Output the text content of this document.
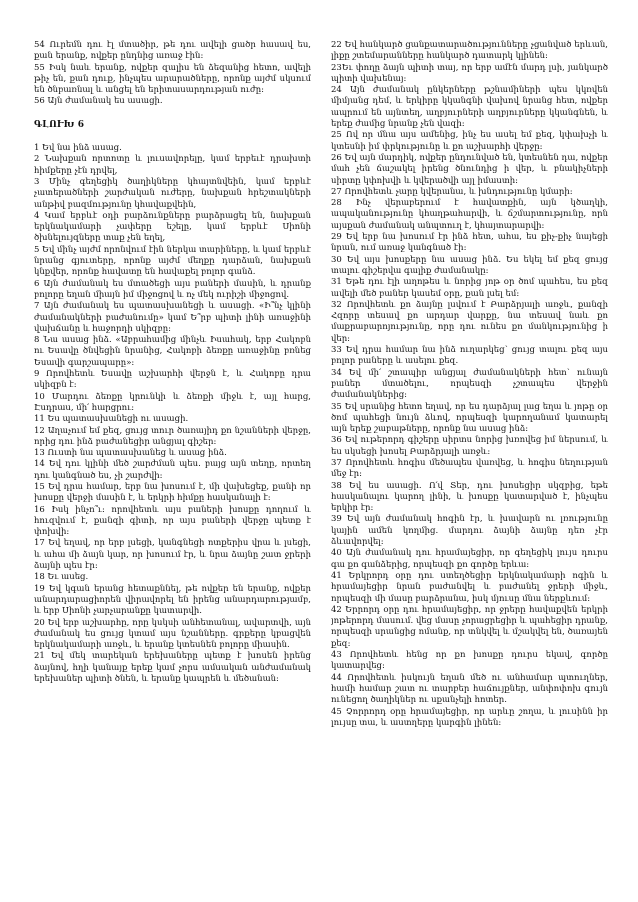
54 Ուրեմն դու էլ մտածիր, թե դու ավելի ցածր հասավ ես, քան երանք, ովքեր ընդնից առաջ էին:

55 Իսկ նաև երանք, ովքեր զալիս են ձեզանից հետո, ավելի թիչ են, քան դուք, ինչպես արարածները, որոնք այժմ սկսում են ծնբառնալ և անցել են երիտասարդության ուժը:

56 Այն ժամանակ ես ասացի.

ԳԼՈՒԽ 6

1 Եվ նա ինձ ասաց.

2 Նախքան որտոտը և լուսավորելը, կամ երբեւէ դրախտի հիմքերը չէն դրվել,

3 Մինչ գեղեցիկ ծաղիկները կհայտնվեին, կամ երբևէ չատերածների շարժական ուժերը, նախքան հրեշտակների անթիվ բազմությունը կհավաքվեին,

4 Կամ երբևէ օդի բարձունքները բարձրացել են, նախքան երկնակամարի չափերը եշելը, կամ երբևէ Սիոնի ծխնելույզները տաք չեն եղել,

5 Եվ մինչ այժմ որոնվում էին ներկա տարիները, և կամ երբևէ նրանց գյուտերը, որոնք այժմ մեղքը դարձան, նախքան կնքվեր, որոնք հավատը են հավաքել բոլոր գանձ.

6 Այն ժամանակ ես մտածեցի այս բաների մասին, և դրանք բոլորը եղան միայն իմ միջոցով և ոչ մեկ ուրիշի միջոցով.

7 Այն ժամանակ ես պատասխանեցի և ասացի. «Ի՞նչ կլինի ժամանակների բաժանումը» կամ Ե՞րբ պիտի լինի առաջինի վախճանը և հաջորդի սկիզբը:

8 Նա ասաց ինձ. «Աբրահամից մինչև Իսահակ, երբ Հակոբն ու Եսավը ծնվեցին նրանից, Հակոբի ձեռքը առաջինը բռնեց Եսավի գարշապարը»:

9 Որովհետև Եսավը աշխարհի վերջն է, և Հակոբը դրա սկիզբն է:

10 Մարդու ձեռքը կրունկի և ձեռքի միջև է, այլ հարց, Էսդրաս, մի՛ հարցրու:

11 Ես պատասխանեցի ու ասացի.

12 Աղաչում եմ քեզ, ցույց տուր ծառայիդ քո նշանների վերջը, որից դու ինձ բաժանեցիր անցյալ գիշեր:

13 Ուստի նա պատասխանեց և ասաց ինձ.

14 Եվ դու կլինի մեծ շարժման պես. բայց այն տեղը, որտեղ դու կանգնած ես, չի շարժվի:

15 Եվ դրա համար, երբ նա խոսում է, մի վախեցեք, քանի որ խոսքը վերջի մասին է, և երկրի հիմքը հասկանալի է:

16 Իսկ ինչո՞ւ: որովհետև այս բաների խոսքը դողում և հուզվում է, քանզի գիտի, որ այս բաների վերջը պետք է փոխվի:

17 Եվ եղավ, որ երբ լսեցի, կանգնեցի ոտքերիս վրա և լսեցի, և ահա մի ձայն կար, որ խոսում էր, և նրա ձայնը շատ ջրերի ձայնի պես էր:

18 Եւ ասեց.

19 Եվ կգան երանց հետաքննել, թե ովքեր են երանք, ովքեր անարդարացիորեն վիրավորել են իրենց անարդարությամբ, և երբ Սիոնի չարչարանքը կատարվի.

20 Եվ երբ աշխարհը, որը կսկսի անհետանալ, ավարտվի, այն ժամանակ ես ցույց կտամ այս նշանները. գրքերը կբացվեն երկնակամարի առջև, և երանք կտեսնեն բոլորը միասին.

21 Եվ մեկ տարեկան երեխաները պետք է խոսեն իրենց ձայնով, հղի կանայք երեք կամ չորս ամսական անժամանակ երեխաներ պիտի ծնեն, և երանք կապրեն և մեծանան:

22 Եվ հանկարծ ցանքատարածությունները չցանված երևան, լիքը շտեմարանները հանկարծ դատարկ կլինեն։

23Եւ փողը ձայն պիտի տայ, որ երբ ամէն մարդ լսի, յանկարծ պիտի վախենայ:

24 Այն ժամանակ ընկերները թշնամիների պես կկռվեն միմյանց դեմ, և երկիրը կկանգնի վախով նրանց հետ, ովքեր ապրում են այնտեղ, աղբյուրների աղբյուրները կկանգնեն, և երեք ժամից նրանք չեն վազի:

25 Ով որ մնա այս ամենից, ինչ ես ասել եմ քեզ, կփախչի և կտեսնի իմ փրկությունը և քո աշխարհի վերջը:

26 Եվ այն մարդիկ, ովքեր ընդունված են, կտեսնեն դա, ովքեր մահ չեն ճաշակել իրենց ծնունդից ի վեր, և բնակիչների սիրտը կփոխվի և կվերածվի այլ իմաստի:

27 Որովհետև չարը կվերանա, և խնդությունը կմարի:

28 Ինչ վերաբերում է հավատքին, այն կծաղկի, ապականությունը կհաղթահարվի, և ճշմարտությունը, որն այսքան ժամանակ անպտուղ է, կհայտարարվի:

29 Եվ երբ նա խոսում էր ինձ հետ, ահա, ես քիչ-քիչ նայեցի նրան, ում առաջ կանգնած էի:

30 Եվ այս խոսքերը նա ասաց ինձ. Ես եկել եմ քեզ ցույց տալու գիշերվա գալիք ժամանակը:

31 Եթե դու էլի աղոթես և նորից յոթ օր ծոմ պահես, ես քեզ ավելի մեծ բաներ կասեմ օրը, քան լսել եմ:

32 Որովհետև քո ձայնը լսվում է Բարձրյալի առջև, քանզի Հզորը տեսավ քո արդար վարքը, նա տեսավ նաև քո մաքրաբարոյությունը, որը դու ունես քո մանկությունից ի վեր:

33 Եվ դրա համար նա ինձ ուղարկեց՝ ցույց տալու քեզ այս բոլոր բաները և ասելու քեզ.

34 Եվ մի՛ շտապիր անցյալ ժամանակների հետ՝ ունայն բաներ մտածելու, որպեսզի չշտապես վերջին ժամանակներից:

35 Եվ սրանից հետո եղավ, որ ես դարձյալ լաց եղա և յոթը օր ծոմ պահեցի նույն ձևով, որպեսզի կարողանամ կատարել այն երեք շաբաթները, որոնք նա ասաց ինձ:

36 Եվ ութերորդ գիշերը սիրտս նորից խռովեց իմ ներսում, և ես սկսեցի խոսել Բարձրյալի առջև:

37 Որովհետև հոգիս մեծապես վառվեց, և հոգիս նեղության մեջ էր:

38 Եվ ես ասացի. Ո՛վ Տեր, դու խոսեցիր սկզբից, եթե հասկանալու կարող լինի, և խոսքը կատարված է, ինչպես երկիր էր:

39 Եվ այն ժամանակ հոգին էր, և խավարն ու լռությունը կային ամեն կողմից. մարդու ձայնի ձայնը դեռ չէր ձևավորվել:

40 Այն ժամանակ դու հրամայեցիր, որ գեղեցիկ լույս դուրս գա քո գանձերից, որպեսզի քո գործը երևա։

41 Երկրորդ օրը դու ստեղծեցիր երկնակամարի ոգին և հրամայեցիր նրան բաժանվել և բաժանել ջրերի միջև, որպեսզի մի մասը բարձրանա, իսկ մյուսը մնա ներքևում:

42 Երրորդ օրը դու հրամայեցիր, որ ջրերը հավաքվեն երկրի յոթերորդ մասում. վեց մասը չորացրեցիր և պահեցիր դրանք, որպեսզի սրանցից ոմանք, որ տնկվել և մշակվել են, ծառայեն քեզ:

43 Որովհետև հենց որ քո խոսքը դուրս եկավ, գործը կատարվեց:

44 Որովհետև իսկույն եղան մեծ ու անհամար պտուղներ, համի համար շատ ու տարբեր հաճույքներ, անփոփոխ գույն ունեցող ծաղիկներ ու սքանչելի հոտեր.

45 Չորրորդ օրը հրամայեցիր, որ արևը շողա, և լուսինն իր լույսը տա, և աստղերը կարգին լինեն:
